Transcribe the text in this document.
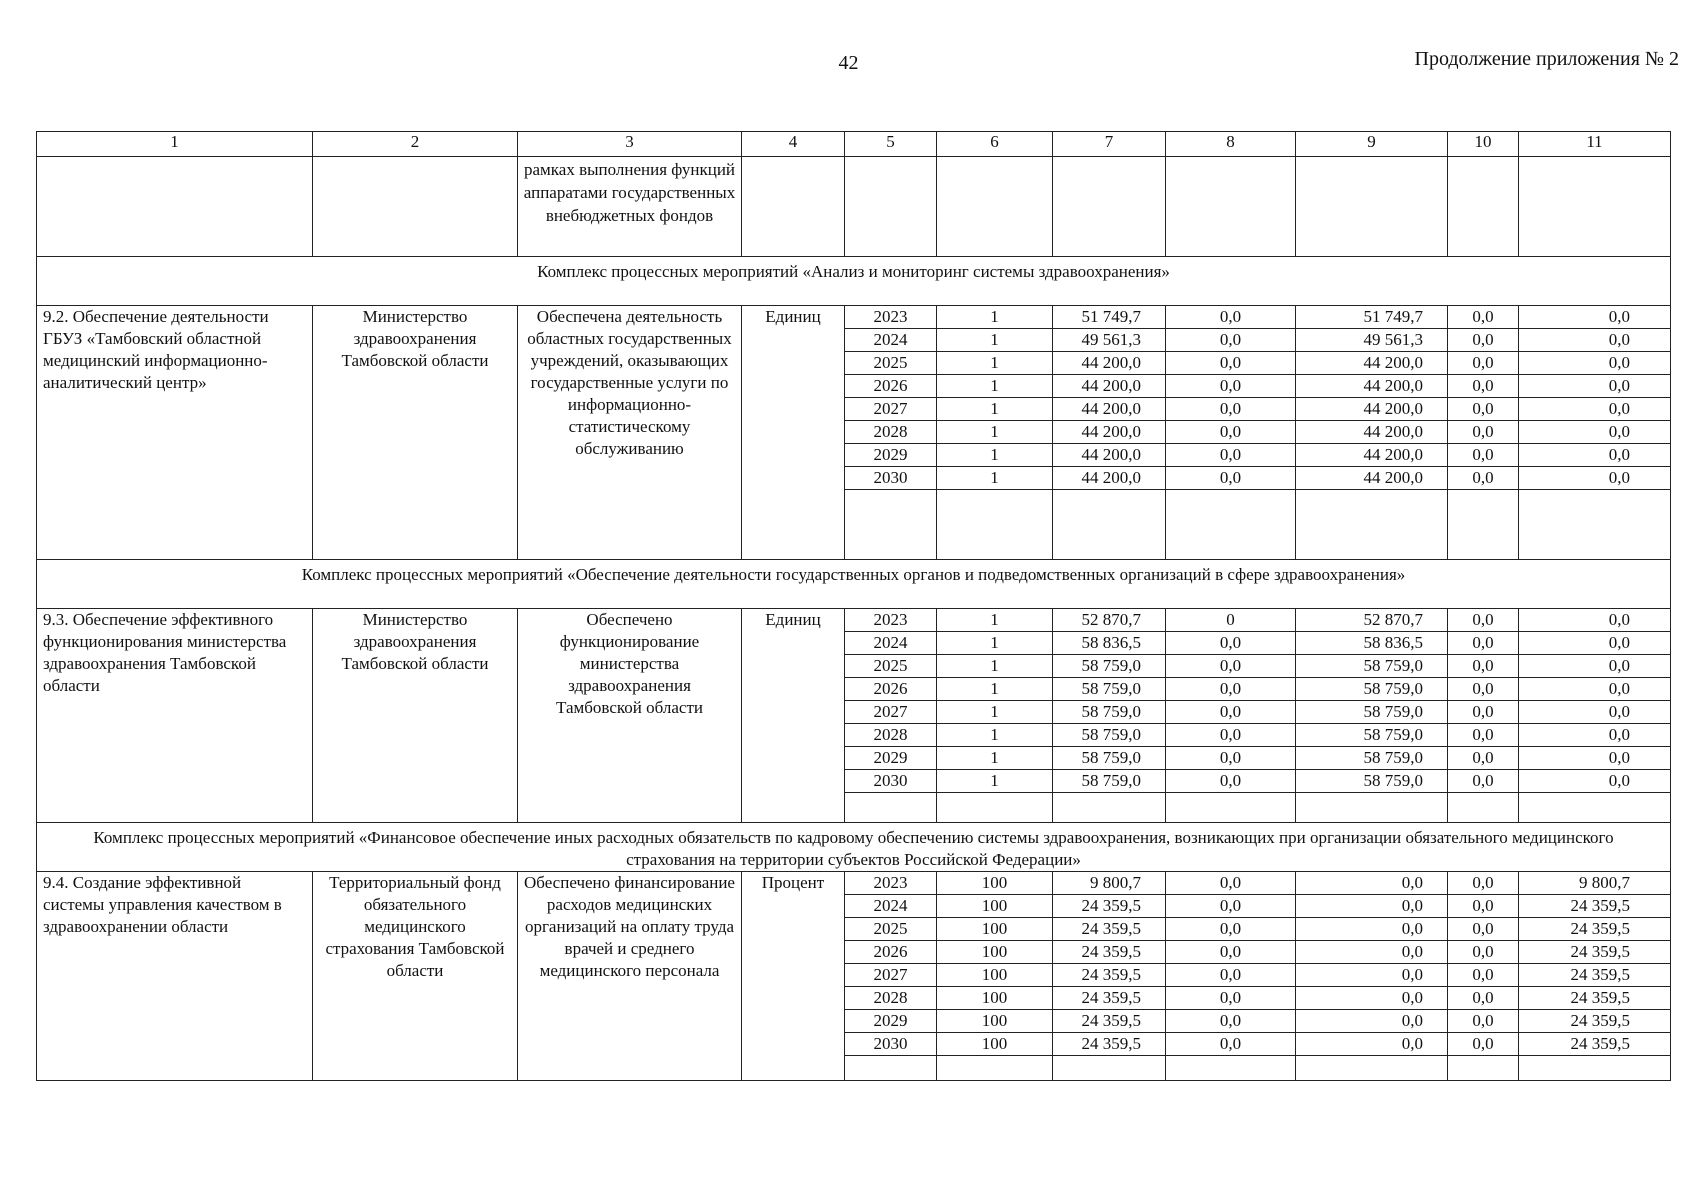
42	Продолжение приложения № 2
1	2	3	4	5	6	7	8	9	10	11
		рамках выполнения функций аппаратами государственных внебюджетных фондов								
Комплекс процессных мероприятий «Анализ и мониторинг системы здравоохранения»										
9.2. Обеспечение деятельности ГБУЗ «Тамбовский областной медицинский информационно-аналитический центр»	Министерство здравоохранения Тамбовской области	Обеспечена деятельность областных государственных учреждений, оказывающих государственные услуги по информационно-статистическому обслуживанию	Единиц	2023	1	51 749,7	0,0	51 749,7	0,0	0,0
				2024	1	49 561,3	0,0	49 561,3	0,0	0,0
				2025	1	44 200,0	0,0	44 200,0	0,0	0,0
				2026	1	44 200,0	0,0	44 200,0	0,0	0,0
				2027	1	44 200,0	0,0	44 200,0	0,0	0,0
				2028	1	44 200,0	0,0	44 200,0	0,0	0,0
				2029	1	44 200,0	0,0	44 200,0	0,0	0,0
				2030	1	44 200,0	0,0	44 200,0	0,0	0,0

Комплекс процессных мероприятий «Обеспечение деятельности государственных органов и подведомственных организаций в сфере здравоохранения»										
9.3. Обеспечение эффективного функционирования министерства здравоохранения Тамбовской области	Министерство здравоохранения Тамбовской области	Обеспечено функционирование министерства здравоохранения Тамбовской области	Единиц	2023	1	52 870,7	0	52 870,7	0,0	0,0
				2024	1	58 836,5	0,0	58 836,5	0,0	0,0
				2025	1	58 759,0	0,0	58 759,0	0,0	0,0
				2026	1	58 759,0	0,0	58 759,0	0,0	0,0
				2027	1	58 759,0	0,0	58 759,0	0,0	0,0
				2028	1	58 759,0	0,0	58 759,0	0,0	0,0
				2029	1	58 759,0	0,0	58 759,0	0,0	0,0
				2030	1	58 759,0	0,0	58 759,0	0,0	0,0

Комплекс процессных мероприятий «Финансовое обеспечение иных расходных обязательств по кадровому обеспечению системы здравоохранения, возникающих при организации обязательного медицинского страхования на территории субъектов Российской Федерации»										
9.4. Создание эффективной системы управления качеством в здравоохранении области	Территориальный фонд обязательного медицинского страхования Тамбовской области	Обеспечено финансирование расходов медицинских организаций на оплату труда врачей и среднего медицинского персонала	Процент	2023	100	9 800,7	0,0	0,0	0,0	9 800,7
				2024	100	24 359,5	0,0	0,0	0,0	24 359,5
				2025	100	24 359,5	0,0	0,0	0,0	24 359,5
				2026	100	24 359,5	0,0	0,0	0,0	24 359,5
				2027	100	24 359,5	0,0	0,0	0,0	24 359,5
				2028	100	24 359,5	0,0	0,0	0,0	24 359,5
				2029	100	24 359,5	0,0	0,0	0,0	24 359,5
				2030	100	24 359,5	0,0	0,0	0,0	24 359,5
